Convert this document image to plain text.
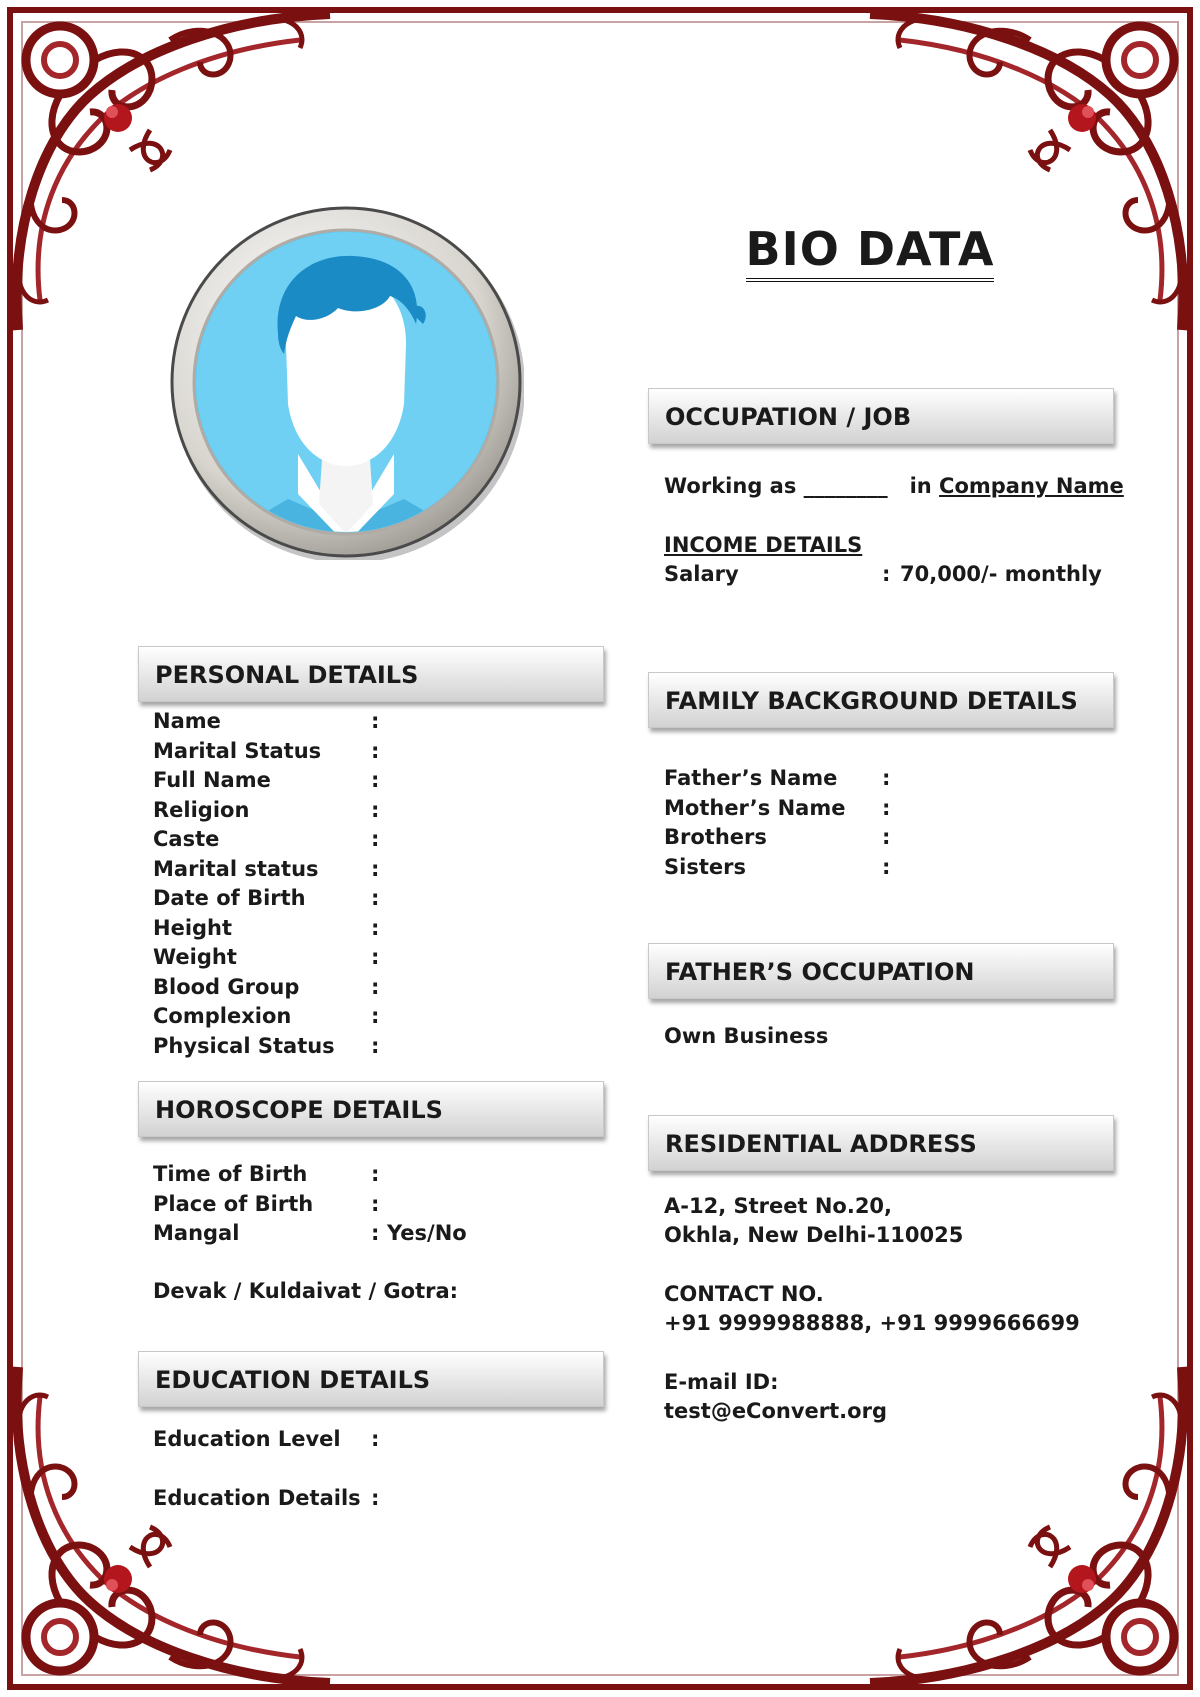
BIO DATA
OCCUPATION / JOB
Working as ________ in Company Name
INCOME DETAILS
Salary	: 70,000/- monthly
PERSONAL DETAILS
Name	:
Marital Status :
Full Name	:
Religion	:
Caste	:
Marital status :
Date of Birth	:
Height	:
Weight	:
Blood Group	:
Complexion	:
Physical Status :
HOROSCOPE DETAILS
Time of Birth	:
Place of Birth	:
Mangal	: Yes/No
Devak / Kuldaivat / Gotra:
EDUCATION DETAILS
Education Level :
Education Details :
FAMILY BACKGROUND DETAILS
Father’s Name :
Mother’s Name :
Brothers	:
Sisters	:
FATHER’S OCCUPATION
Own Business
RESIDENTIAL ADDRESS
A-12, Street No.20,
Okhla, New Delhi-110025
CONTACT NO.
+91 9999988888, +91 9999666699
E-mail ID:
test@eConvert.org
